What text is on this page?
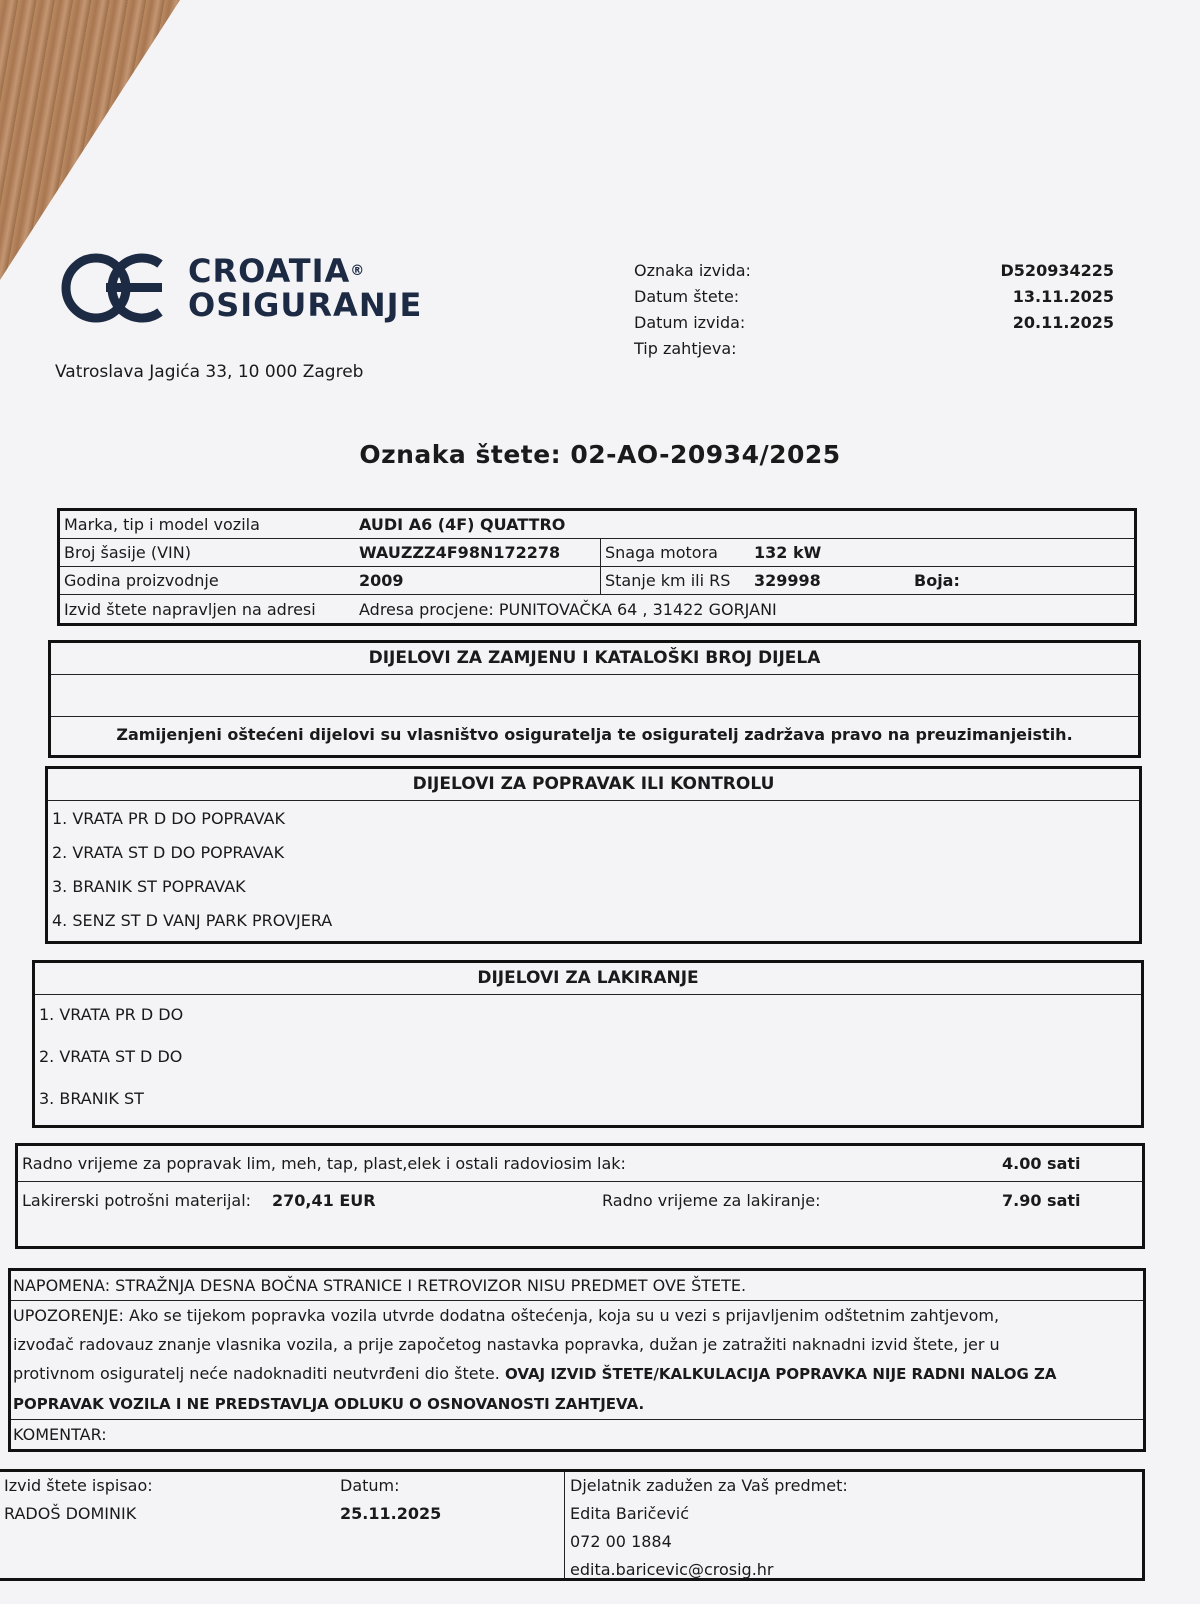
CROATIA®
OSIGURANJE
Vatroslava Jagića 33, 10 000 Zagreb
Oznaka izvida:	D520934225
Datum štete:	13.11.2025
Datum izvida:	20.11.2025
Tip zahtjeva:
Oznaka štete: 02-AO-20934/2025
Marka, tip i model vozila	AUDI A6 (4F) QUATTRO
Broj šasije (VIN)	WAUZZZ4F98N172278	Snaga motora	132 kW
Godina proizvodnje	2009	Stanje km ili RS	329998	Boja:
Izvid štete napravljen na adresi	Adresa procjene: PUNITOVAČKA 64 , 31422 GORJANI
DIJELOVI ZA ZAMJENU I KATALOŠKI BROJ DIJELA
Zamijenjeni oštećeni dijelovi su vlasništvo osiguratelja te osiguratelj zadržava pravo na preuzimanjeistih.
DIJELOVI ZA POPRAVAK ILI KONTROLU
1. VRATA PR D DO POPRAVAK
2. VRATA ST D DO POPRAVAK
3. BRANIK ST POPRAVAK
4. SENZ ST D VANJ PARK PROVJERA
DIJELOVI ZA LAKIRANJE
1. VRATA PR D DO
2. VRATA ST D DO
3. BRANIK ST
Radno vrijeme za popravak lim, meh, tap, plast,elek i ostali radoviosim lak:	4.00 sati
Lakirerski potrošni materijal:	270,41 EUR	Radno vrijeme za lakiranje:	7.90 sati
NAPOMENA: STRAŽNJA DESNA BOČNA STRANICE I RETROVIZOR NISU PREDMET OVE ŠTETE.
UPOZORENJE: Ako se tijekom popravka vozila utvrde dodatna oštećenja, koja su u vezi s prijavljenim odštetnim zahtjevom,
izvođač radovauz znanje vlasnika vozila, a prije započetog nastavka popravka, dužan je zatražiti naknadni izvid štete, jer u
protivnom osiguratelj neće nadoknaditi neutvrđeni dio štete. OVAJ IZVID ŠTETE/KALKULACIJA POPRAVKA NIJE RADNI NALOG ZA
POPRAVAK VOZILA I NE PREDSTAVLJA ODLUKU O OSNOVANOSTI ZAHTJEVA.
KOMENTAR:
Izvid štete ispisao:
RADOŠ DOMINIK
Datum:
25.11.2025
Djelatnik zadužen za Vaš predmet:
Edita Baričević
072 00 1884
edita.baricevic@crosig.hr
